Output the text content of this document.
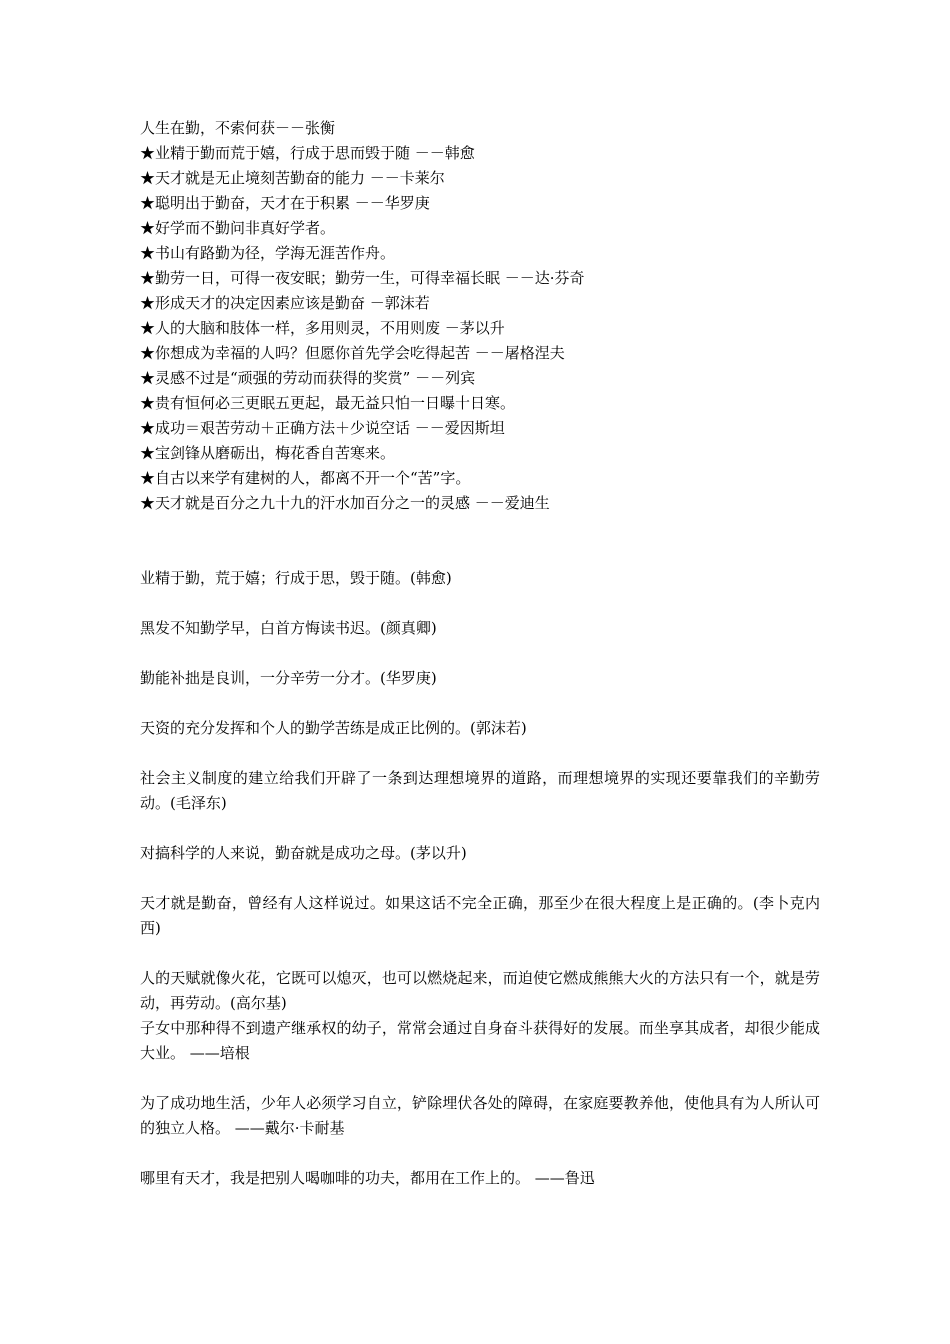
人生在勤，不索何获－－张衡
★业精于勤而荒于嬉，行成于思而毁于随 －－韩愈
★天才就是无止境刻苦勤奋的能力 －－卡莱尔
★聪明出于勤奋，天才在于积累 －－华罗庚
★好学而不勤问非真好学者。
★书山有路勤为径，学海无涯苦作舟。
★勤劳一日，可得一夜安眠；勤劳一生，可得幸福长眠 －－达·芬奇
★形成天才的决定因素应该是勤奋 －郭沫若
★人的大脑和肢体一样，多用则灵，不用则废 －茅以升
★你想成为幸福的人吗？但愿你首先学会吃得起苦 －－屠格涅夫
★灵感不过是“顽强的劳动而获得的奖赏” －－列宾
★贵有恒何必三更眠五更起，最无益只怕一日曝十日寒。
★成功＝艰苦劳动＋正确方法＋少说空话 －－爱因斯坦
★宝剑锋从磨砺出，梅花香自苦寒来。
★自古以来学有建树的人，都离不开一个“苦”字。
★天才就是百分之九十九的汗水加百分之一的灵感 －－爱迪生

业精于勤，荒于嬉；行成于思，毁于随。(韩愈)

黑发不知勤学早，白首方悔读书迟。(颜真卿)

勤能补拙是良训，一分辛劳一分才。(华罗庚)

天资的充分发挥和个人的勤学苦练是成正比例的。(郭沫若)

社会主义制度的建立给我们开辟了一条到达理想境界的道路，而理想境界的实现还要靠我们的辛勤劳动。(毛泽东)

对搞科学的人来说，勤奋就是成功之母。(茅以升)

天才就是勤奋，曾经有人这样说过。如果这话不完全正确，那至少在很大程度上是正确的。(李卜克内西)

人的天赋就像火花，它既可以熄灭，也可以燃烧起来，而迫使它燃成熊熊大火的方法只有一个，就是劳动，再劳动。(高尔基)

子女中那种得不到遗产继承权的幼子，常常会通过自身奋斗获得好的发展。而坐享其成者，却很少能成大业。 ——培根

为了成功地生活，少年人必须学习自立，铲除埋伏各处的障碍，在家庭要教养他，使他具有为人所认可的独立人格。 ——戴尔·卡耐基

哪里有天才，我是把别人喝咖啡的功夫，都用在工作上的。 ——鲁迅
